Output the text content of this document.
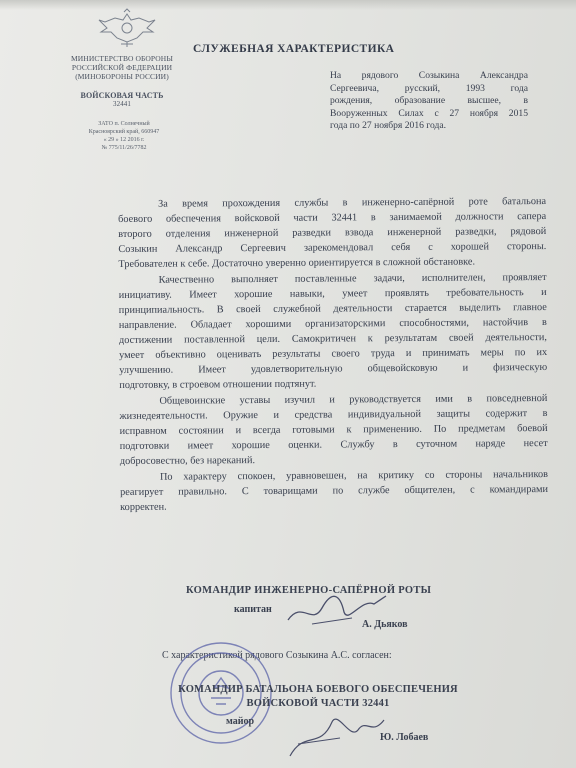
МИНИСТЕРСТВО ОБОРОНЫ
РОССИЙСКОЙ ФЕДЕРАЦИИ
(МИНОБОРОНЫ РОССИИ)
ВОЙСКОВАЯ ЧАСТЬ
32441
ЗАТО п. Солнечный
Красноярский край, 660947
« 29 » 12 2016 г.
№ 775/11/26/7782
СЛУЖЕБНАЯ ХАРАКТЕРИСТИКА
На рядового Созыкина Александра
Сергеевича, русский, 1993 года
рождения, образование высшее, в
Вооруженных Силах с 27 ноября 2015
года по 27 ноября 2016 года.

За время прохождения службы в инженерно-сапёрной роте батальона
боевого обеспечения войсковой части 32441 в занимаемой должности сапера
второго отделения инженерной разведки взвода инженерной разведки, рядовой
Созыкин Александр Сергеевич зарекомендовал себя с хорошей стороны.
Требователен к себе. Достаточно уверенно ориентируется в сложной обстановке.

Качественно выполняет поставленные задачи, исполнителен, проявляет
инициативу. Имеет хорошие навыки, умеет проявлять требовательность и
принципиальность. В своей служебной деятельности старается выделить главное
направление. Обладает хорошими организаторскими способностями, настойчив в
достижении поставленной цели. Самокритичен к результатам своей деятельности,
умеет объективно оценивать результаты своего труда и принимать меры по их
улучшению. Имеет удовлетворительную общевойсковую и физическую
подготовку, в строевом отношении подтянут.

Общевоинские уставы изучил и руководствуется ими в повседневной
жизнедеятельности. Оружие и средства индивидуальной защиты содержит в
исправном состоянии и всегда готовыми к применению. По предметам боевой
подготовки имеет хорошие оценки. Службу в суточном наряде несет
добросовестно, без нареканий.

По характеру спокоен, уравновешен, на критику со стороны начальников
реагирует правильно. С товарищами по службе общителен, с командирами
корректен.

КОМАНДИР ИНЖЕНЕРНО-САПЁРНОЙ РОТЫ
капитан
А. Дьяков
С характеристикой рядового Созыкина А.С. согласен:
КОМАНДИР БАТАЛЬОНА БОЕВОГО ОБЕСПЕЧЕНИЯ
ВОЙСКОВОЙ ЧАСТИ 32441
майор
Ю. Лобаев
